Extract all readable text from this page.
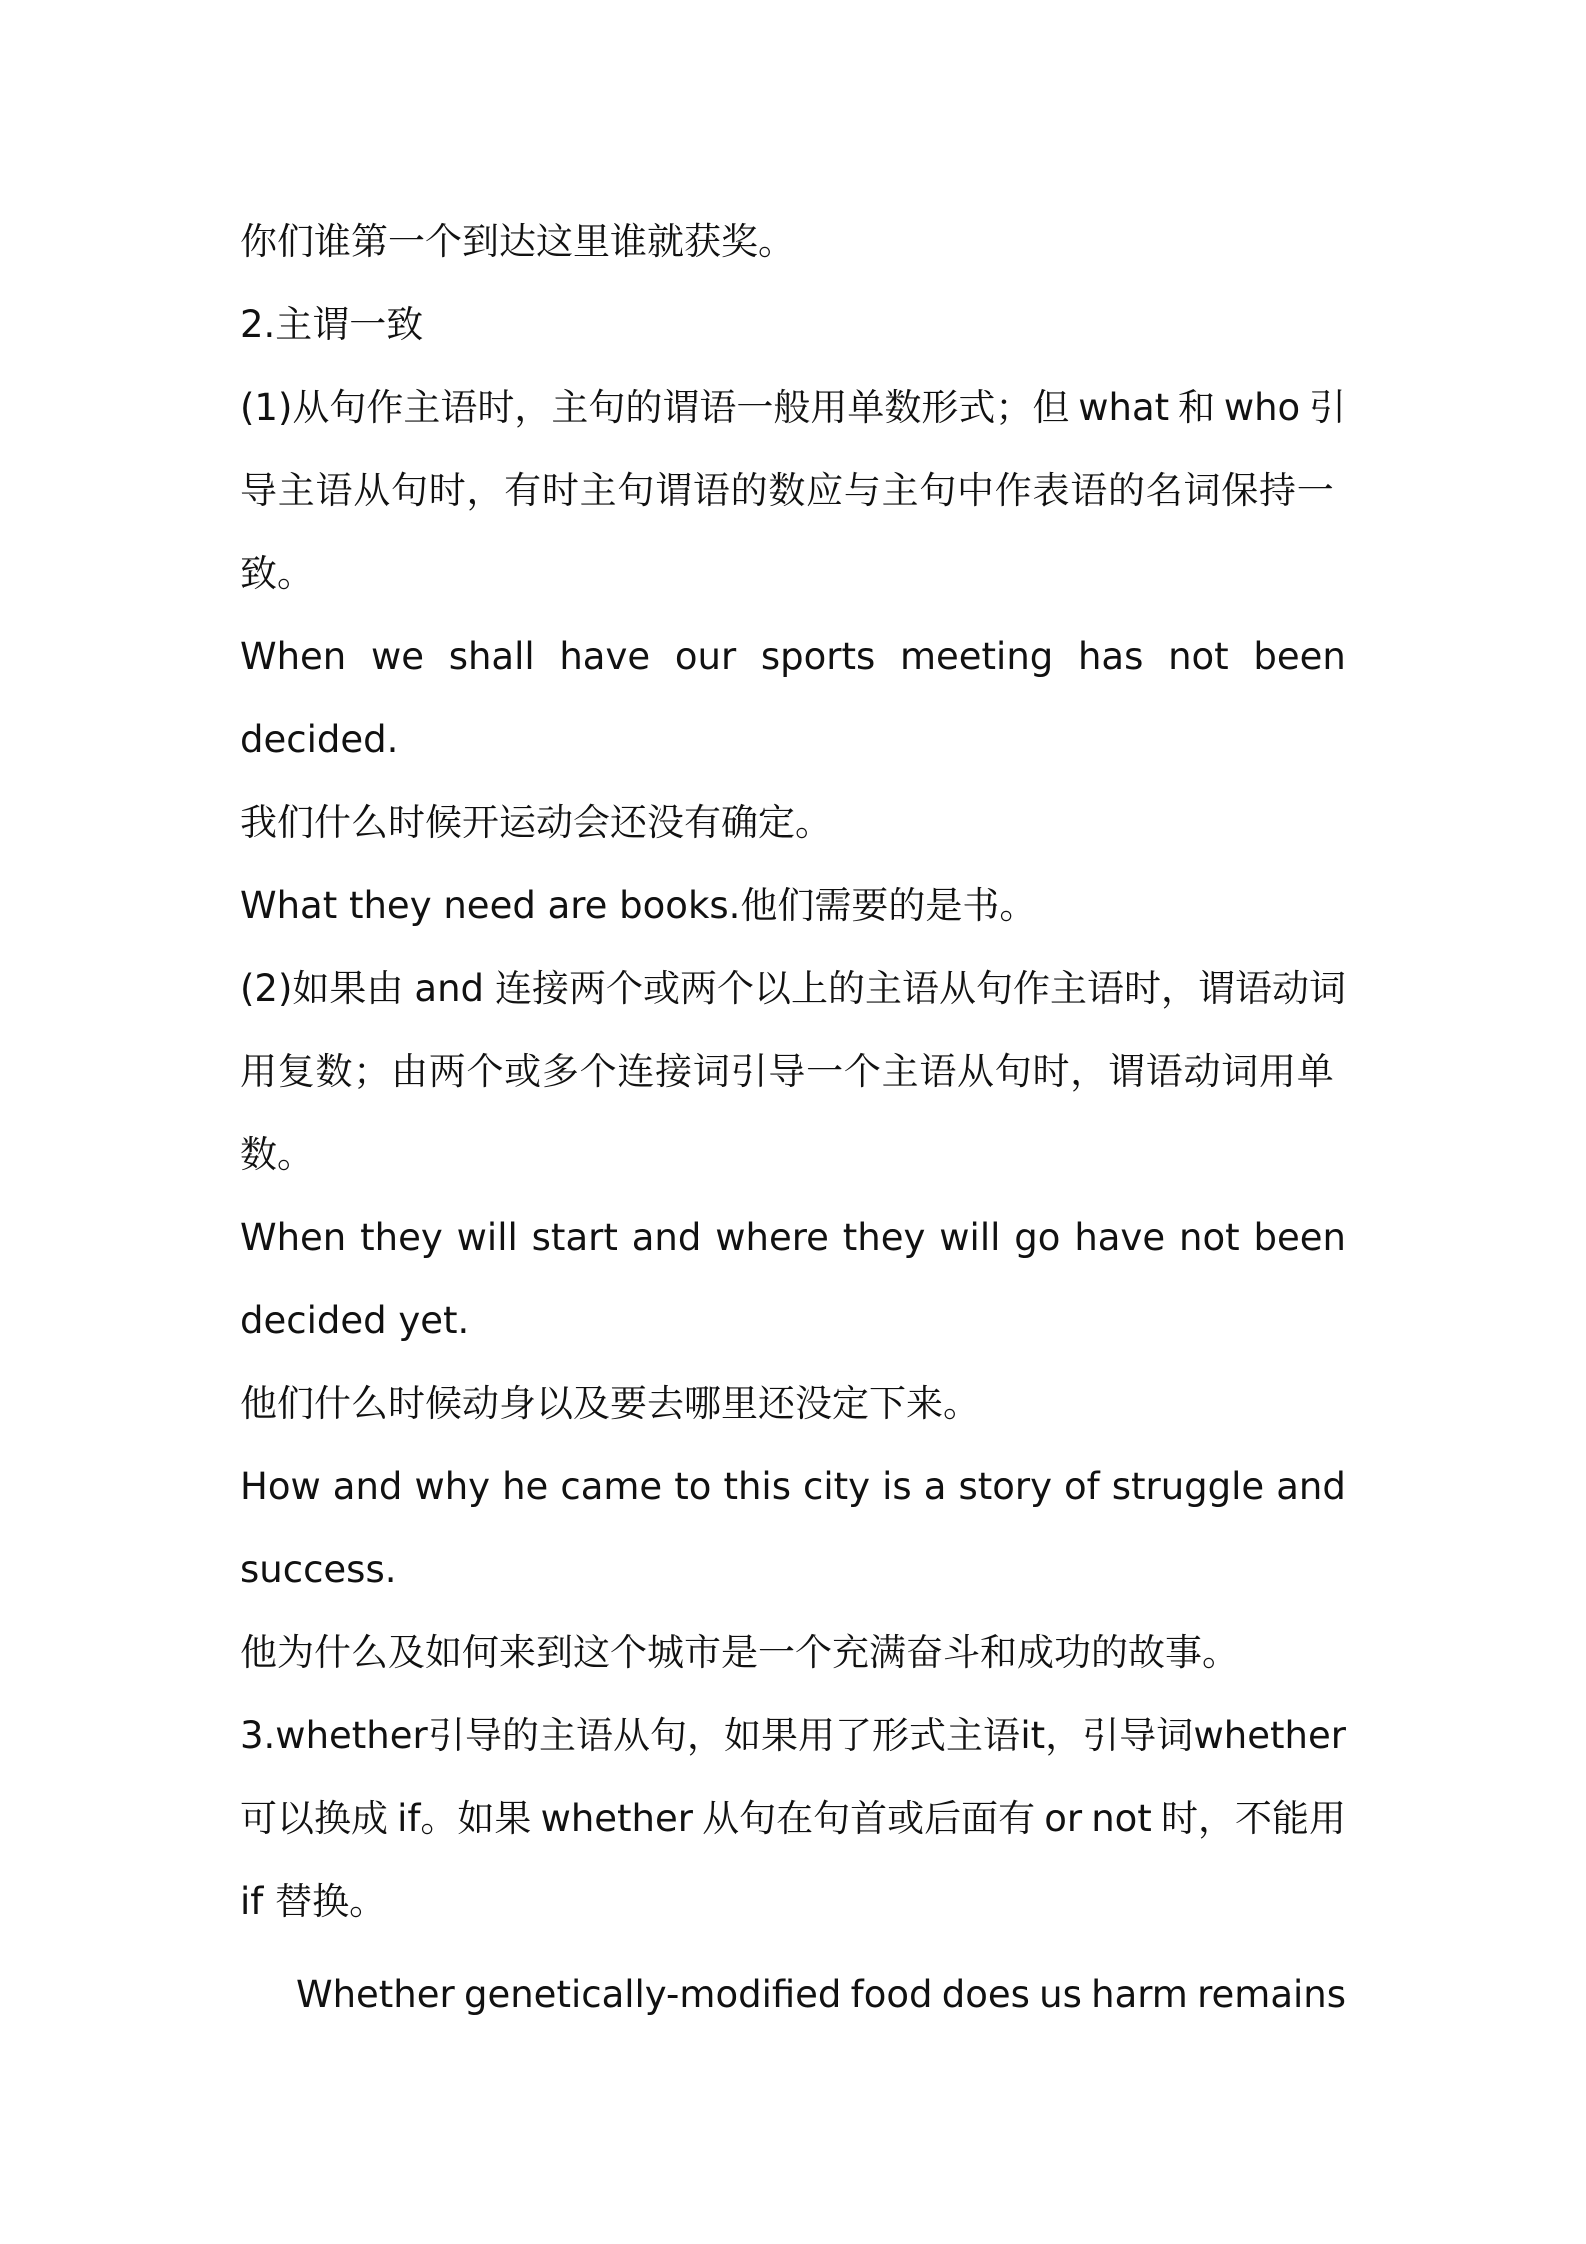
你们谁第一个到达这里谁就获奖。
2.主谓一致
(1)从句作主语时，主句的谓语一般用单数形式；但 what 和 who 引
导主语从句时，有时主句谓语的数应与主句中作表语的名词保持一
致。
When we shall have our sports meeting has not been
decided.
我们什么时候开运动会还没有确定。
What they need are books.他们需要的是书。
(2)如果由 and 连接两个或两个以上的主语从句作主语时，谓语动词
用复数；由两个或多个连接词引导一个主语从句时，谓语动词用单
数。
When they will start and where they will go have not been
decided yet.
他们什么时候动身以及要去哪里还没定下来。
How and why he came to this city is a story of struggle and
success.
他为什么及如何来到这个城市是一个充满奋斗和成功的故事。
3.whether 引导的主语从句，如果用了形式主语 it，引导词 whether
可以换成 if。如果 whether 从句在句首或后面有 or not 时，不能用
if 替换。
Whether genetically-modified food does us harm remains
